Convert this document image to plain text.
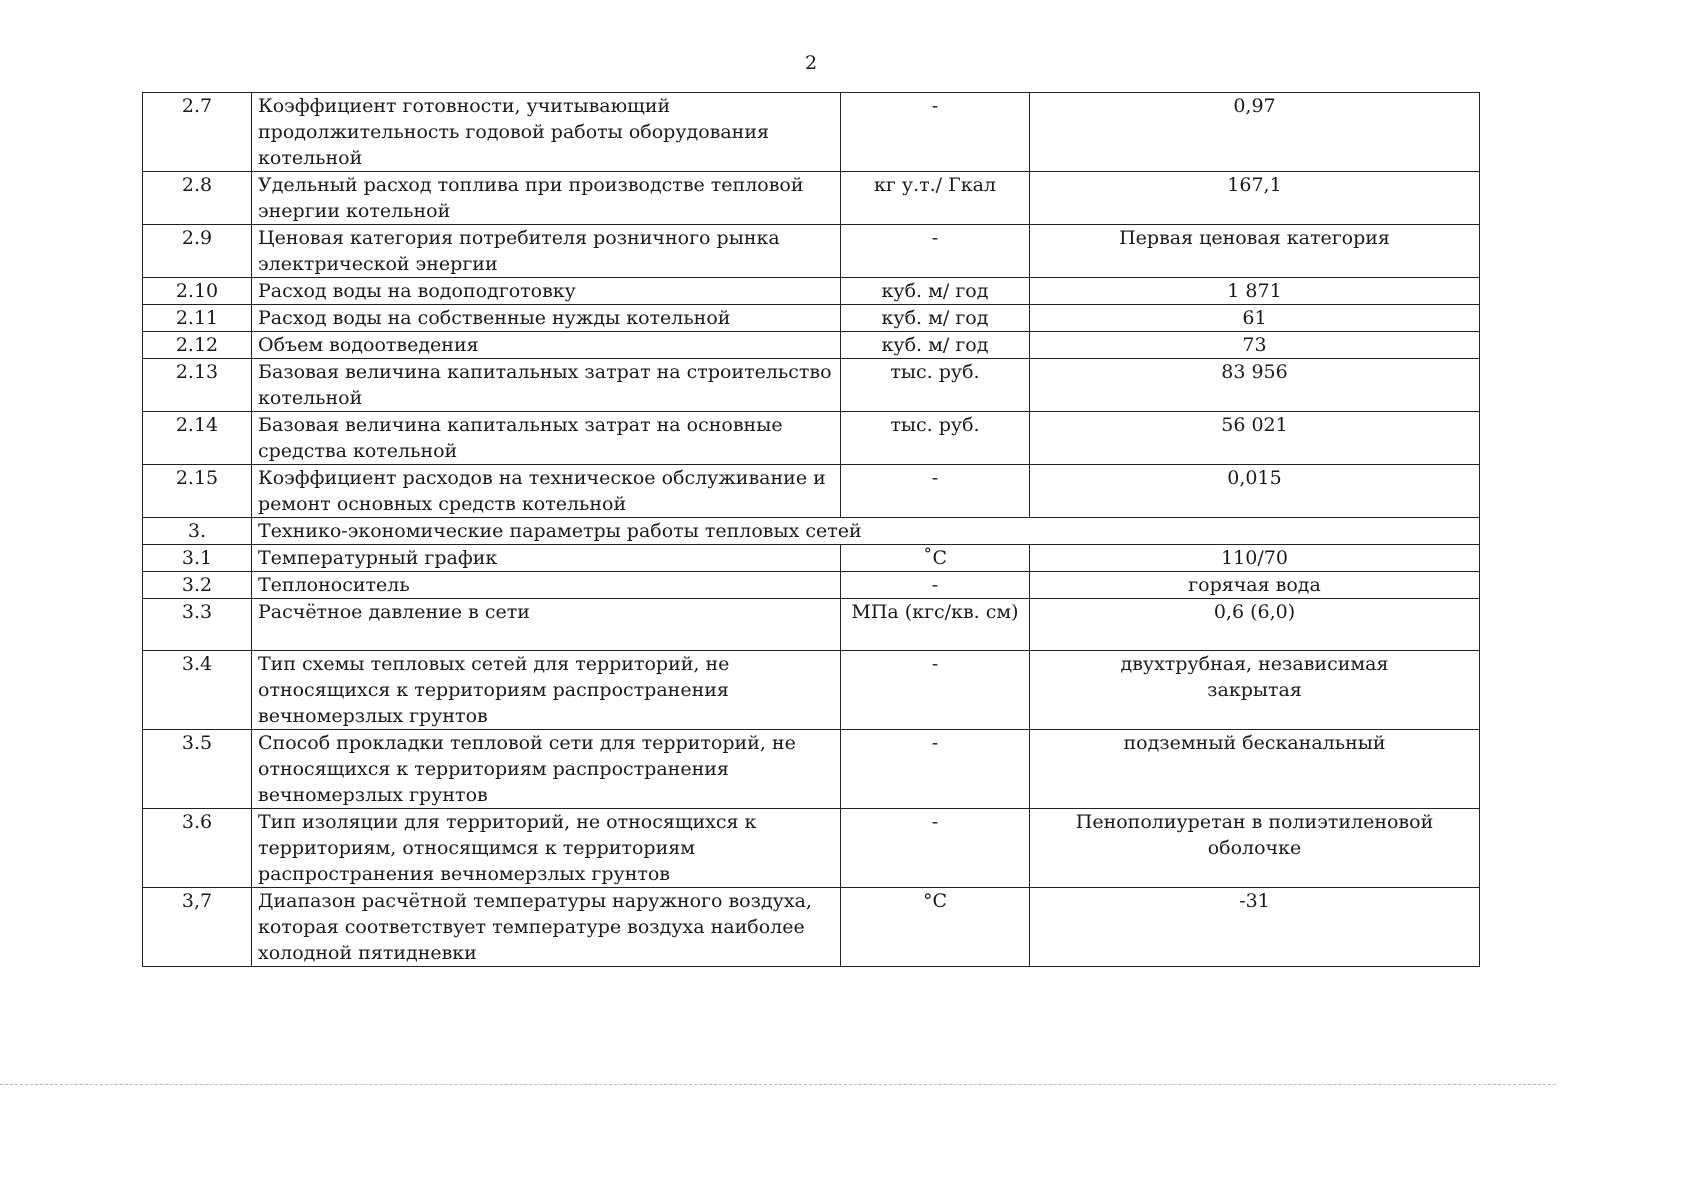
2
2.7	Коэффициент готовности, учитывающий продолжительность годовой работы оборудования котельной	-	0,97
2.8	Удельный расход топлива при производстве тепловой энергии котельной	кг у.т./ Гкал	167,1
2.9	Ценовая категория потребителя розничного рынка электрической энергии	-	Первая ценовая категория
2.10	Расход воды на водоподготовку	куб. м/ год	1 871
2.11	Расход воды на собственные нужды котельной	куб. м/ год	61
2.12	Объем водоотведения	куб. м/ год	73
2.13	Базовая величина капитальных затрат на строительство котельной	тыс. руб.	83 956
2.14	Базовая величина капитальных затрат на основные средства котельной	тыс. руб.	56 021
2.15	Коэффициент расходов на техническое обслуживание и ремонт основных средств котельной	-	0,015
3.	Технико-экономические параметры работы тепловых сетей		
3.1	Температурный график	˚С	110/70
3.2	Теплоноситель	-	горячая вода
3.3	Расчётное давление в сети	МПа (кгс/кв. см)	0,6 (6,0)
3.4	Тип схемы тепловых сетей для территорий, не относящихся к территориям распространения вечномерзлых грунтов	-	двухтрубная, независимая закрытая
3.5	Способ прокладки тепловой сети для территорий, не относящихся к территориям распространения вечномерзлых грунтов	-	подземный бесканальный
3.6	Тип изоляции для территорий, не относящихся к территориям, относящимся к территориям распространения вечномерзлых грунтов	-	Пенополиуретан в полиэтиленовой оболочке
3,7	Диапазон расчётной температуры наружного воздуха, которая соответствует температуре воздуха наиболее холодной пятидневки	°С	-31
